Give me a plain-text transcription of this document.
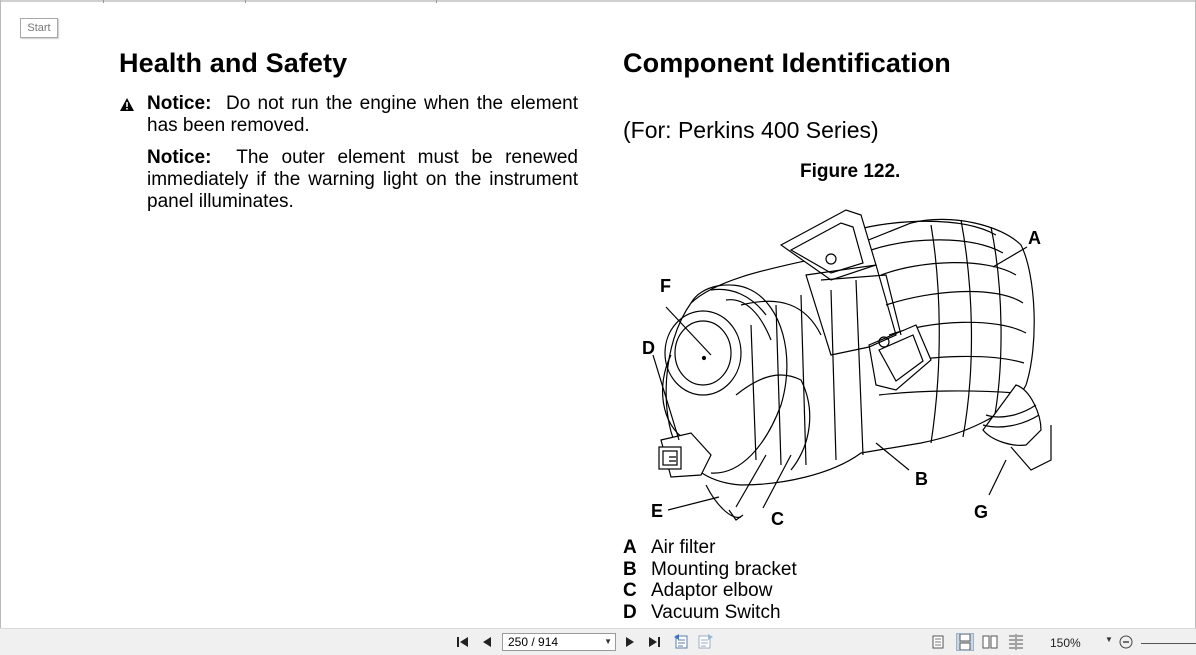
Start
Health and Safety
Notice: Do not run the engine when the element has been removed.
Notice: The outer element must be renewed immediately if the warning light on the instrument panel illuminates.
Component Identification
(For: Perkins 400 Series)
Figure 122.
A
B
C
D
E
F
G
A Air filter
B Mounting bracket
C Adaptor elbow
D Vacuum Switch
250 / 914	▼	150%	▼
